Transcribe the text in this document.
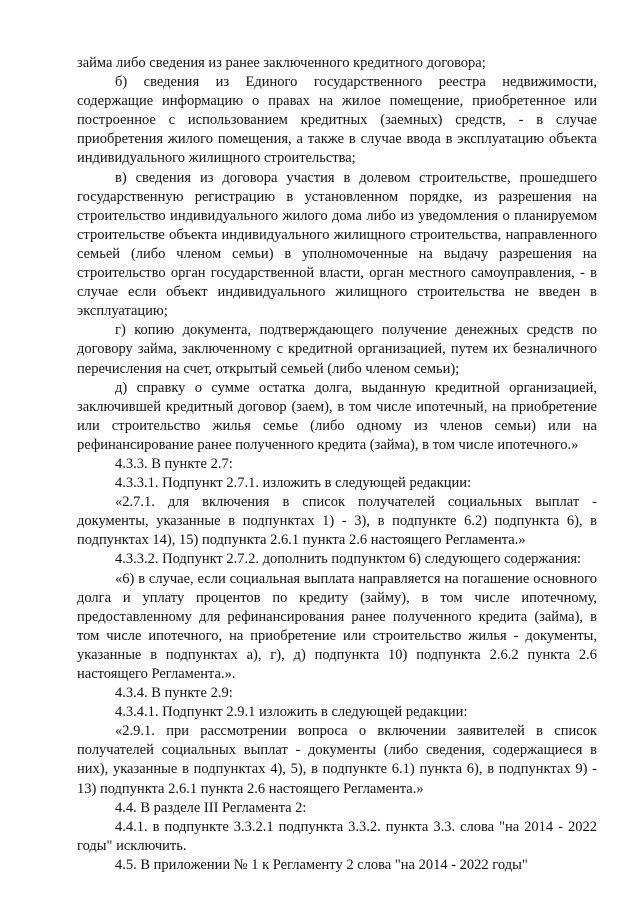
займа либо сведения из ранее заключенного кредитного договора;

б) сведения из Единого государственного реестра недвижимости, содержащие информацию о правах на жилое помещение, приобретенное или построенное с использованием кредитных (заемных) средств, - в случае приобретения жилого помещения, а также в случае ввода в эксплуатацию объекта индивидуального жилищного строительства;

в) сведения из договора участия в долевом строительстве, прошедшего государственную регистрацию в установленном порядке, из разрешения на строительство индивидуального жилого дома либо из уведомления о планируемом строительстве объекта индивидуального жилищного строительства, направленного семьей (либо членом семьи) в уполномоченные на выдачу разрешения на строительство орган государственной власти, орган местного самоуправления, - в случае если объект индивидуального жилищного строительства не введен в эксплуатацию;

г) копию документа, подтверждающего получение денежных средств по договору займа, заключенному с кредитной организацией, путем их безналичного перечисления на счет, открытый семьей (либо членом семьи);

д) справку о сумме остатка долга, выданную кредитной организацией, заключившей кредитный договор (заем), в том числе ипотечный, на приобретение или строительство жилья семье (либо одному из членов семьи) или на рефинансирование ранее полученного кредита (займа), в том числе ипотечного.»

4.3.3. В пункте 2.7:

4.3.3.1. Подпункт 2.7.1. изложить в следующей редакции:

«2.7.1. для включения в список получателей социальных выплат - документы, указанные в подпунктах 1) - 3), в подпункте 6.2) подпункта 6), в подпунктах 14), 15) подпункта 2.6.1 пункта 2.6 настоящего Регламента.»

4.3.3.2. Подпункт 2.7.2. дополнить подпунктом 6) следующего содержания:

«6) в случае, если социальная выплата направляется на погашение основного долга и уплату процентов по кредиту (займу), в том числе ипотечному, предоставленному для рефинансирования ранее полученного кредита (займа), в том числе ипотечного, на приобретение или строительство жилья - документы, указанные в подпунктах а), г), д) подпункта 10) подпункта 2.6.2 пункта 2.6 настоящего Регламента.».

4.3.4. В пункте 2.9:

4.3.4.1. Подпункт 2.9.1 изложить в следующей редакции:

«2.9.1. при рассмотрении вопроса о включении заявителей в список получателей социальных выплат - документы (либо сведения, содержащиеся в них), указанные в подпунктах 4), 5), в подпункте 6.1) пункта 6), в подпунктах 9) - 13) подпункта 2.6.1 пункта 2.6 настоящего Регламента.»

4.4. В разделе III Регламента 2:

4.4.1. в подпункте 3.3.2.1 подпункта 3.3.2. пункта 3.3. слова "на 2014 - 2022 годы" исключить.

4.5. В приложении № 1 к Регламенту 2 слова "на 2014 - 2022 годы"
